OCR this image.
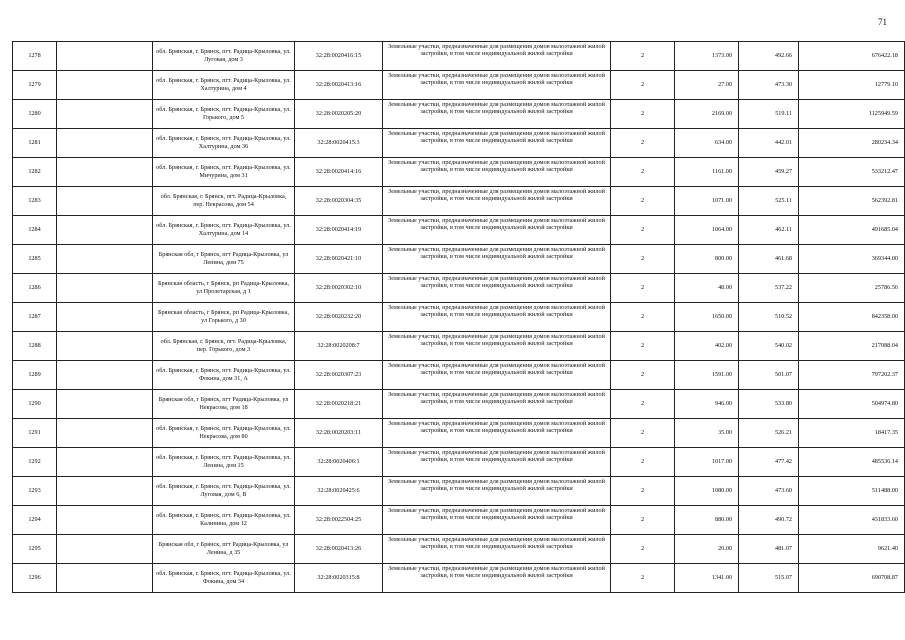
71
1278		обл. Брянская, г. Брянск, пгт. Радица-Крыловка, ул. Луговая, дом 3	32:28:0020416:15	Земельные участки, предназначенные для размещения домов малоэтажной жилой застройки, в том числе индивидуальной жилой застройки	2	1373.00	492.66	676422.18
1279		обл. Брянская, г. Брянск, пгт. Радица-Крыловка, ул. Халтурина, дом 4	32:28:0020413:16	Земельные участки, предназначенные для размещения домов малоэтажной жилой застройки, в том числе индивидуальной жилой застройки	2	27.00	473.30	12779.10
1280		обл. Брянская, г. Брянск, пгт. Радица-Крыловка, ул. Горького, дом 5	32:28:0020205:20	Земельные участки, предназначенные для размещения домов малоэтажной жилой застройки, в том числе индивидуальной жилой застройки	2	2169.00	519.11	1125949.59
1281		обл. Брянская, г. Брянск, пгт. Радица-Крыловка, ул. Халтурина, дом 36	32:28:0020415:3	Земельные участки, предназначенные для размещения домов малоэтажной жилой застройки, в том числе индивидуальной жилой застройки	2	634.00	442.01	280234.34
1282		обл. Брянская, г. Брянск, пгт. Радица-Крыловка, ул. Мичурина, дом 31	32:28:0020414:16	Земельные участки, предназначенные для размещения домов малоэтажной жилой застройки, в том числе индивидуальной жилой застройки	2	1161.00	459.27	533212.47
1283		обл. Брянская, г. Брянск, пгт. Радица-Крыловка, пер. Некрасова, дом 54	32:28:0020304:35	Земельные участки, предназначенные для размещения домов малоэтажной жилой застройки, в том числе индивидуальной жилой застройки	2	1071.00	525.11	562392.81
1284		обл. Брянская, г. Брянск, пгт. Радица-Крыловка, ул. Халтурина, дом 14	32:28:0020414:19	Земельные участки, предназначенные для размещения домов малоэтажной жилой застройки, в том числе индивидуальной жилой застройки	2	1064.00	462.11	491685.04
1285		Брянская обл, г Брянск, пгт Радица-Крыловка, ул Ленина, дом 75	32:28:0020421:10	Земельные участки, предназначенные для размещения домов малоэтажной жилой застройки, в том числе индивидуальной жилой застройки	2	800.00	461.68	369344.00
1286		Брянская область, г Брянск, рп Радица-Крыловка, ул Пролетарская, д 1	32:28:0020302:10	Земельные участки, предназначенные для размещения домов малоэтажной жилой застройки, в том числе индивидуальной жилой застройки	2	48.00	537.22	25786.56
1287		Брянская область, г Брянск, рп Радица-Крыловка, ул Горького, д 30	32:28:0020232:20	Земельные участки, предназначенные для размещения домов малоэтажной жилой застройки, в том числе индивидуальной жилой застройки	2	1650.00	510.52	842358.00
1288		обл. Брянская, г. Брянск, пгт. Радица-Крыловка, пер. Горького, дом 3	32:28:0020208:7	Земельные участки, предназначенные для размещения домов малоэтажной жилой застройки, в том числе индивидуальной жилой застройки	2	402.00	540.02	217088.04
1289		обл. Брянская, г. Брянск, пгт. Радица-Крыловка, ул. Фокина, дом 31, А	32:28:0020307:23	Земельные участки, предназначенные для размещения домов малоэтажной жилой застройки, в том числе индивидуальной жилой застройки	2	1591.00	501.07	797202.37
1290		Брянская обл, г Брянск, пгт Радица-Крыловка, ул Некрасова, дом 18	32:28:0020218:21	Земельные участки, предназначенные для размещения домов малоэтажной жилой застройки, в том числе индивидуальной жилой застройки	2	946.00	533.80	504974.80
1291		обл. Брянская, г. Брянск, пгт. Радица-Крыловка, ул. Некрасова, дом 80	32:28:0020203:11	Земельные участки, предназначенные для размещения домов малоэтажной жилой застройки, в том числе индивидуальной жилой застройки	2	35.00	526.21	18417.35
1292		обл. Брянская, г. Брянск, пгт. Радица-Крыловка, ул. Ленина, дом 15	32:28:0020406:1	Земельные участки, предназначенные для размещения домов малоэтажной жилой застройки, в том числе индивидуальной жилой застройки	2	1017.00	477.42	485536.14
1293		обл. Брянская, г. Брянск, пгт. Радица-Крыловка, ул. Луговая, дом 6, В	32:28:0020425:6	Земельные участки, предназначенные для размещения домов малоэтажной жилой застройки, в том числе индивидуальной жилой застройки	2	1080.00	473.60	511488.00
1294		обл. Брянская, г. Брянск, пгт. Радица-Крыловка, ул. Калинина, дом 12	32:28:0022504:25	Земельные участки, предназначенные для размещения домов малоэтажной жилой застройки, в том числе индивидуальной жилой застройки	2	880.00	490.72	431833.60
1295		Брянская обл, г Брянск, пгт Радица-Крыловка, ул Ленина, д 35	32:28:0020413:26	Земельные участки, предназначенные для размещения домов малоэтажной жилой застройки, в том числе индивидуальной жилой застройки	2	20.00	481.07	9621.40
1296		обл. Брянская, г. Брянск, пгт. Радица-Крыловка, ул. Фокина, дом 34	32:28:0020315:8	Земельные участки, предназначенные для размещения домов малоэтажной жилой застройки, в том числе индивидуальной жилой застройки	2	1341.00	515.07	690708.87
